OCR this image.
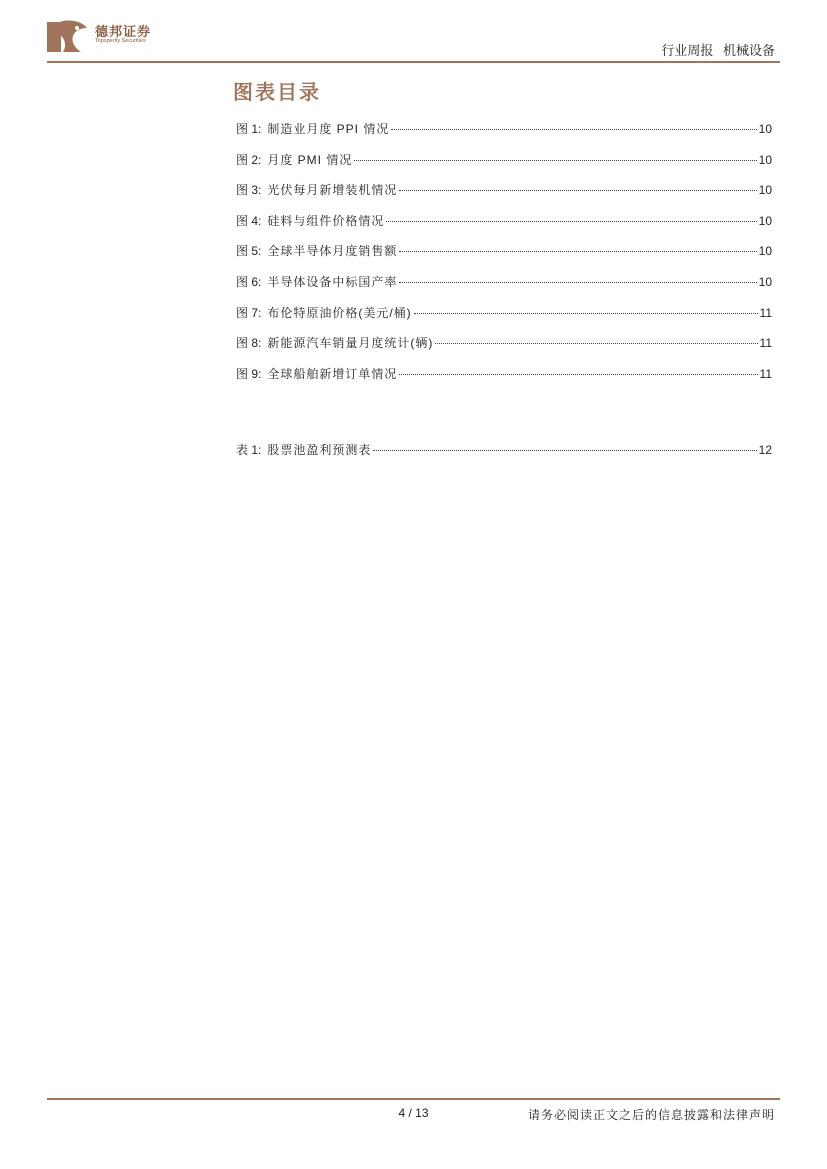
德邦证券
Topsperity Securities
行业周报 机械设备
图表目录
图 1: 制造业月度 PPI 情况	10
图 2: 月度 PMI 情况	10
图 3: 光伏每月新增装机情况	10
图 4: 硅料与组件价格情况	10
图 5: 全球半导体月度销售额	10
图 6: 半导体设备中标国产率	10
图 7: 布伦特原油价格(美元/桶)	11
图 8: 新能源汽车销量月度统计(辆)	11
图 9: 全球船舶新增订单情况	11
表 1: 股票池盈利预测表	12
4 / 13	请务必阅读正文之后的信息披露和法律声明
